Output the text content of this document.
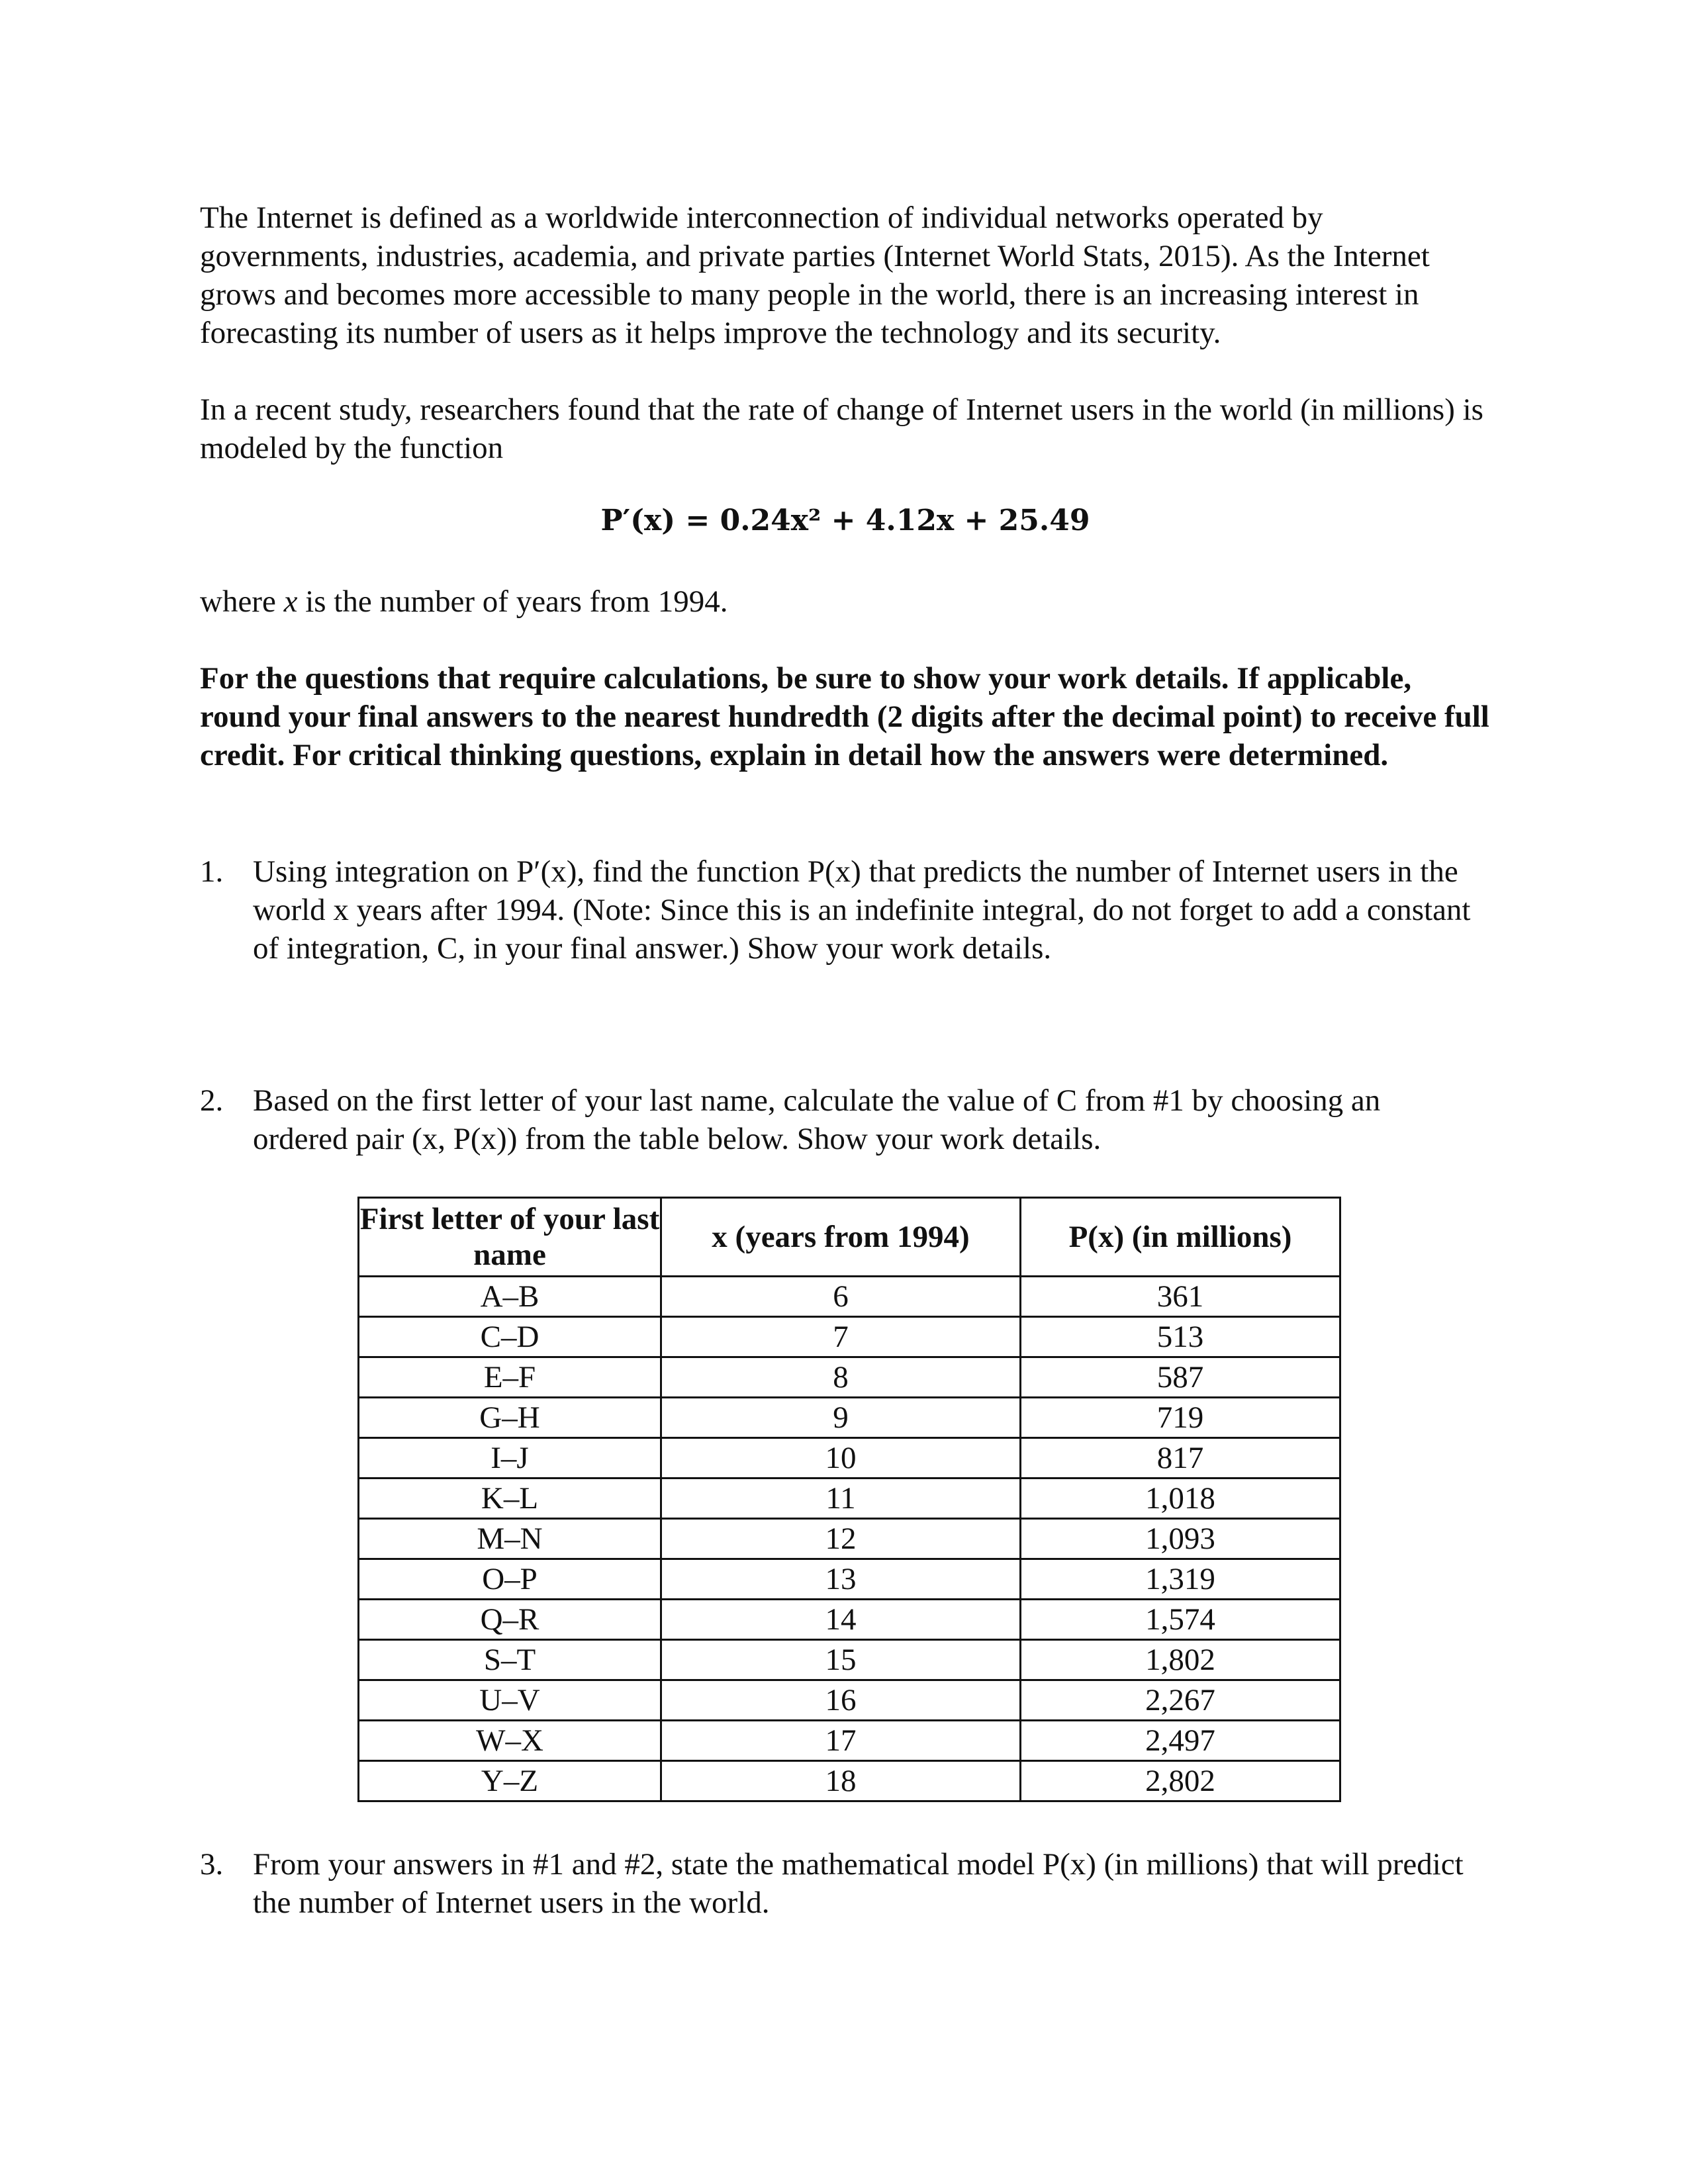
The Internet is defined as a worldwide interconnection of individual networks operated by governments, industries, academia, and private parties (Internet World Stats, 2015). As the Internet grows and becomes more accessible to many people in the world, there is an increasing interest in forecasting its number of users as it helps improve the technology and its security.

In a recent study, researchers found that the rate of change of Internet users in the world (in millions) is modeled by the function

P′(x) = 0.24x² + 4.12x + 25.49

where x is the number of years from 1994.

For the questions that require calculations, be sure to show your work details. If applicable, round your final answers to the nearest hundredth (2 digits after the decimal point) to receive full credit. For critical thinking questions, explain in detail how the answers were determined.

1. Using integration on P′(x), find the function P(x) that predicts the number of Internet users in the world x years after 1994. (Note: Since this is an indefinite integral, do not forget to add a constant of integration, C, in your final answer.) Show your work details.
2. Based on the first letter of your last name, calculate the value of C from #1 by choosing an ordered pair (x, P(x)) from the table below. Show your work details.
First letter of your last name	x (years from 1994)	P(x) (in millions)
A–B	6	361
C–D	7	513
E–F	8	587
G–H	9	719
I–J	10	817
K–L	11	1,018
M–N	12	1,093
O–P	13	1,319
Q–R	14	1,574
S–T	15	1,802
U–V	16	2,267
W–X	17	2,497
Y–Z	18	2,802
3. From your answers in #1 and #2, state the mathematical model P(x) (in millions) that will predict the number of Internet users in the world.
